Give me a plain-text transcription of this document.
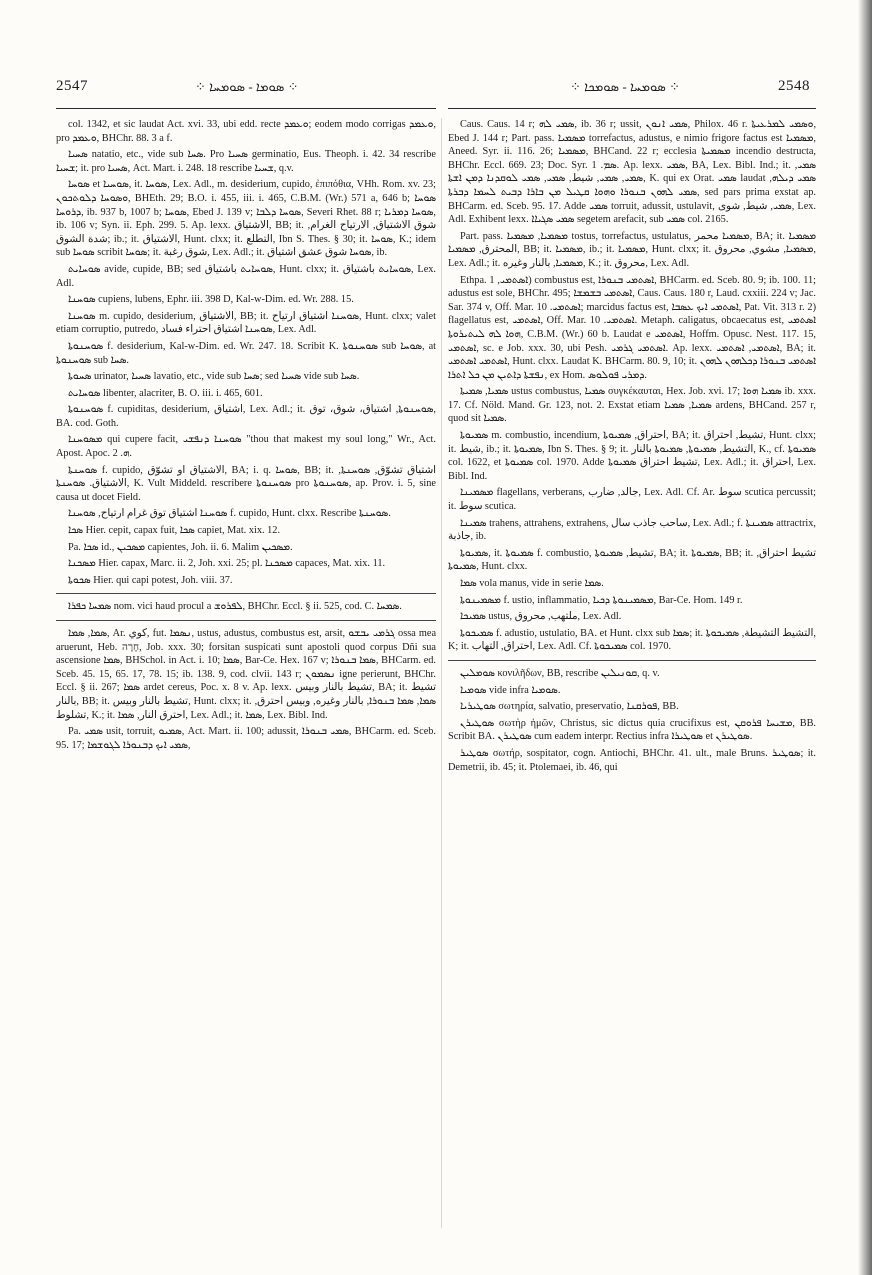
2547	⁘ ܣܘܡܐ ‑ ܣܘܡܚܐ ⁘	⁘ ܣܘܡܚܐ ‑ ܣܘܡܟܐ ⁘	2548

col. 1342, et sic laudat Act. xvi. 33, ubi edd. recte ܘܥܡܕ; eodem modo corrigas ܘܥܡܕ, pro ܘܥܡܕ, BHChr. 88. 3 a f.

ܣܚܝܐ natatio, etc., vide sub ܣܚܐ. Pro ܣܚܝܐ germinatio, Eus. Theoph. i. 42. 34 rescribe ܫܚܝܐ; it. pro ܣܚܝܐ, Act. Mart. i. 248. 18 rescribe ܫܚܝܐ, q.v.

ܣܘܚܐ et ܣܘܚܝܐ, it. ܣܘܚܐ, Lex. Adl., m. desiderium, cupido, ἐπιπόθια, VHh. Rom. xv. 23; ܘܣܘܚܐ ܕܠܘܬܟܘܢ, BHEth. 29; B.O. i. 455, iii. i. 465, C.B.M. (Wr.) 571 a, 646 b; ܣܘܚܐ ܕܪܘܚܐ, ib. 937 b, 1007 b; ܣܘܚܐ, Ebed J. 139 v; ܣܘܚܐ ܕܠܒܐ, Severi Rhet. 88 r; ܣܘܚܐ ܕܡܪܝܐ, ib. 106 v; Syn. ii. Eph. 299. 5. Ap. lexx. الاشتياق, BB; it. شوق الاشتياق, الارتياح الغرام, شدة الشوق; ib.; it. الاشتياق, Hunt. clxx; it. التطلع, Ibn S. Thes. § 30; it. ܣܘܚܐ, K.; idem sub ܣܘܚܐ scribit ܣܘܚܐ; it. شوق رغبة, Lex. Adl.; it. ܣܘܚܐ شوق عشق اشتياق, ib.

ܣܘܚܐܝܬ avide, cupide, BB; sed ܣܘܚܐܝܬ باشتياق, Hunt. clxx; it. ܣܘܚܐܝܬ باشتياق, Lex. Adl.

ܣܘܚܢܐ cupiens, lubens, Ephr. iii. 398 D, Kal-w-Dim. ed. Wr. 288. 15.

ܣܘܚܢܐ m. cupido, desiderium, الاشتياق, BB; it. ܣܘܚܢܐ اشتياق ارتياح, Hunt. clxx; valet etiam corruptio, putredo, ܣܘܚܢܐ اشتياق احتراء فساد, Lex. Adl.

ܣܘܚܢܘܬܐ f. desiderium, Kal-w-Dim. ed. Wr. 247. 18. Scribit K. ܣܘܚܢܘܬܐ sub ܣܘܚܐ, at ܣܘܚܢܘܬܐ sub ܣܚܐ.

ܣܚܘܬܐ urinator, ܣܚܝܐ lavatio, etc., vide sub ܣܚܐ; sed ܣܚܝܐ vide sub ܣܚܐ.

ܣܘܚܐܝܬ libenter, alacriter, B. O. iii. i. 465, 601.

ܣܘܚܢܘܬܐ f. cupiditas, desiderium, اشتياق, Lex. Adl.; it. ܣܘܚܢܘܬܐ, اشتياق، شوق، توق, BA. cod. Goth.

ܡܣܘܚܢܐ qui cupere facit, ܣܘܚܢܐ ܕܢܦܫܝ "thou that makest my soul long," Wr., Act. Apost. Apoc. ܗ. 2.

ܣܘܚܢܬܐ f. cupido, الاشتياق او تشوّق, BA; i. q. ܣܘܚܐ, BB; it. اشتياق تشوّق, ܣܘܚܢܬܐ, الاشتياق. ܣܘܚܢܬܐ, K. Vult Middeld. rescribere ܣܘܚܢܘܬܐ pro ܣܘܚܢܘܬܐ, ap. Prov. i. 5, sine causa ut docet Field.

ܣܘܚܢܐ اشتياق توق غرام ارتياح, ܣܘܚܢܐ f. cupido, Hunt. clxx. Rescribe ܣܘܚܢܬܐ.

ܣܟܐ Hier. cepit, capax fuit, ܣܟܐ capiet, Mat. xix. 12.

Pa. ܣܟܐ id., ܡܣܟܝܢ capientes, Joh. ii. 6. Malim ܡܣܟܝܢ.

ܡܣܟܢܐ Hier. capax, Marc. ii. 2, Joh. xxi. 25; pl. ܡܣܟܢܐ capaces, Mat. xix. 11.

ܣܟܘܬܐ Hier. qui capi potest, Joh. viii. 37.

ܣܡܚܐ ܟܦܪܐ nom. vici haud procul a ܠܦܪܘܫ, BHChr. Eccl. § ii. 525, cod. C. ܣܡܚܐ.

ܣܡܐ, ܣܡܐ, Ar. كوي, fut. ܢܣܡܐ, ustus, adustus, combustus est, arsit, ܓܪܡܝ ܝܒܫܘ ossa mea aruerunt, Heb. חָרָה, Job. xxx. 30; forsitan suspicati sunt apostoli quod corpus Dñi sua ascensione ܣܡܐ, BHSchol. in Act. i. 10; ܣܡܐ, Bar-Ce. Hex. 167 v; ܣܡܐ ܒܢܘܪܐ, BHCarm. ed. Sceb. 45. 15, 65. 17, 78. 15; ib. 138. 9, cod. clvii. 143 r; ܢܣܡܘܢ igne perierunt, BHChr. Eccl. § ii. 267; ܣܡܐ ardet cereus, Poc. x. 8 v. Ap. lexx. تشيط بالنار وبيس, BA; it. تشيط بالنار, BB; it. تشيط بالنار وبيس, Hunt. clxx; it. ܣܡܐ, ܣܡܐ ܒܢܘܪܐ, بالنار وغيره, وبيس احترق, تشلوط, K.; it. احترق النار, ܣܡܐ, Lex. Adl.; it. ܣܡܐ, Lex. Bibl. Ind.

Pa. ܣܡܝ usit, torruit, ܣܡܝܘ, Act. Mart. ii. 100; adussit, ܣܡܝ ܒܢܘܪܐ, BHCarm. ed. Sceb. 95. 17; ܣܡܝ ܐܝܟ ܕܒܢܘܪܐ ܠܓܘܫܡܐ,

Caus. Caus. 14 r; ܣܡܝ ܠܗ, ib. 36 r; ussit, ܣܡܝ ܐܢܘܢ, Philox. 46 r. ܘܣܡܝ ܠܡܪܥܝܬܐ, Ebed J. 144 r; Part. pass. ܡܣܡܝܐ torrefactus, adustus, e nimio frigore factus est ܡܣܡܝܐ, Aneed. Syr. ii. 116. 26; ܡܣܡܝܐ, BHCand. 22 r; ecclesia ܡܣܡܝܬܐ incendio destructa, BHChr. Eccl. 669. 23; Doc. Syr. ܣܡ. 1. Ap. lexx. ܣܡܝ, BA, Lex. Bibl. Ind.; it. ܣܡܝ, ܣܡܝ, ܣܡܝ, شيط, ܣܡܝ, ܣܡܝ ܠܘܩܕܢܐ ܕܡܢ ܐܫܬܐ, K. qui ex Orat. ܣܡܝ laudat ܣܡܝ ܕܝܠܗ, ܣܡܝ ܠܗܘܢ ܒܢܘܪܐ ܘܗܘܐ ܩܛܝܠ ܡܢ ܒܐܪܐ ܕܒܝܬ ܠܚܡܐ ܕܒܪܬܐ, sed pars prima exstat ap. BHCarm. ed. Sceb. 95. 17. Adde ܣܡܝ torruit, adussit, ustulavit, ܣܡܝ, شيط, شوى, Lex. Adl. Exhibent lexx. ܣܡܝ ܣܓܝܐܐ segetem arefacit, sub ܣܡܝ col. 2165.

Part. pass. ܡܣܡܝܐ, ܡܣܡܝܐ tostus, torrefactus, ustulatus, ܡܣܡܝܐ محمر, BA; it. ܡܣܡܝܐ المحترق, ܡܣܡܝܐ, BB; it. ܡܣܡܝܐ, ib.; it. ܡܣܡܝܐ, Hunt. clxx; it. ܡܣܡܝܐ, مشوي, محروق, Lex. Adl.; it. ܡܣܡܝܐ, بالنار وغيره, K.; it. محروق, Lex. Adl.

Ethpa. ܐܣܬܡܝ, 1) combustus est, ܐܣܬܡܝ ܒܢܘܪܐ, BHCarm. ed. Sceb. 80. 9; ib. 100. 11; adustus est sole, BHChr. 495; ܐܣܬܡܝ ܒܫܡܫܐ, Caus. Caus. 180 r, Laud. cxxiii. 224 v; Jac. Sar. 374 v, Off. Mar. ܐܣܬܡܝ. 10; marcidus factus est, ܐܣܬܡܝ ܐܝܟ ܥܣܒܐ, Pat. Vit. 313 r. 2) flagellatus est, ܐܣܬܡܝ, Off. Mar. ܐܣܬܡܝ. 10. Metaph. caligatus, obcaecatus est, ܐܣܬܡܝ ܗܘܐ ܠܗ ܠܝܬܝܪܘܬܐ, C.B.M. (Wr.) 60 b. Laudat e ܐܣܬܡܝ, Hoffm. Opusc. Nest. 117. 15, ܐܣܬܡܝ, sc. e Job. xxx. 30, ubi Pesh. ܐܣܬܡܝ ܓܪܡܝ. Ap. lexx. ܐܣܬܡܝ, ܐܣܬܡܝ, BA; it. ܐܣܬܡܝ ܐܣܬܡܝ, Hunt. clxx. Laudat K. BHCarm. 80. 9, 10; it. ܐܣܬܡܝ ܒܢܘܪܐ ܕܟܠܗܘܢ ܠܗܘܢ ܢܦܫܬܐ ܕܐܬܝܢ ܡܢ ܟܠ ܐܬܪܐ, ex Hom. ܕܡܪܝ ܦܘܠܘܣ.

ܣܡܝܐ, ܣܡܝܬܐ ustus combustus, ܣܡܝܐ συγκέκαυται, Hex. Job. xvi. 17; ܣܡܝܐ ܗܘܐ ib. xxx. 17. Cf. Nöld. Mand. Gr. 123, not. 2. Exstat etiam ܣܡܝܐ, ܣܡܝܐ ardens, BHCand. 257 r, quod sit ܣܡܝܐ.

ܣܡܝܘܬܐ m. combustio, incendium, احتراق, ܣܡܝܘܬܐ, BA; it. تشيط, احتراق, Hunt. clxx; it. شيط, ib.; it. ܣܡܝܘܬܐ, Ibn S. Thes. § 9; it. التشيط, ܣܡܝܘܬܐ, ܣܡܝܘܬܐ بالنار, K., cf. ܣܡܝܘܬܐ col. 1622, et ܣܡܝܘܬܐ col. 1970. Adde تشيط احتراق ܣܡܝܘܬܐ, Lex. Adl.; it. احتراق, Lex. Bibl. Ind.

ܡܣܡܝܢܐ flagellans, verberans, جالد, ضارب, Lex. Adl. Cf. Ar. سوط scutica percussit; it. سوط scutica.

ܣܡܝܢܐ trahens, attrahens, extrahens, ساحب جاذب سال, Lex. Adl.; f. ܣܡܝܢܬܐ attractrix, جاذبة, ib.

ܣܡܝܘܬܐ, it. ܣܡܝܘܬܐ f. combustio, تشيط, ܣܡܝܘܬܐ, BA; it. ܣܡܝܘܬܐ, BB; it. تشيط احتراق, ܣܡܝܘܬܐ, Hunt. clxx.

ܣܡܐ vola manus, vide in serie ܣܡܐ.

ܡܣܡܝܢܘܬܐ f. ustio, inflammatio, ܡܣܡܝܢܘܬܐ ܕܟܝܐ, Bar-Ce. Hom. 149 r.

ܣܡܝܟܐ ustus, ملتهب, محروق, Lex. Adl.

ܣܡܝܟܘܬܐ f. adustio, ustulatio, BA. et Hunt. clxx sub ܣܡܐ; it. التشيط التشيطة, ܣܡܝܟܘܬܐ, K; it. احتراق, التهاب, Lex. Adl. Cf. ܣܡܝܟܘܬܐ col. 1970.

ܣܘܡܠܝܢ κονιλῆδων, BB, rescribe ܩܘܢܝܠܝܢ, q. v.

ܣܘܡܝܐ vide infra ܣܘܡܝܐ.

ܣܘܛܝܪܝܐ σωτηρία, salvatio, preservatio, ܦܘܪܩܢܐ, BB.

ܣܘܛܝܪܢ σωτὴρ ἡμῶν, Christus, sic dictus quia crucifixus est, ܡܫܝܚܐ ܦܪܘܩܢ, BB. Scribit BA. ܣܘܛܝܪܢ cum eadem interpr. Rectius infra ܣܘܛܝܪܐ et ܣܘܛܝܪܢ.

ܣܘܛܝܪ σωτήρ, sospitator, cogn. Antiochi, BHChr. 41. ult., male Bruns. ܣܘܛܝܪ; it. Demetrii, ib. 45; it. Ptolemaei, ib. 46, qui
